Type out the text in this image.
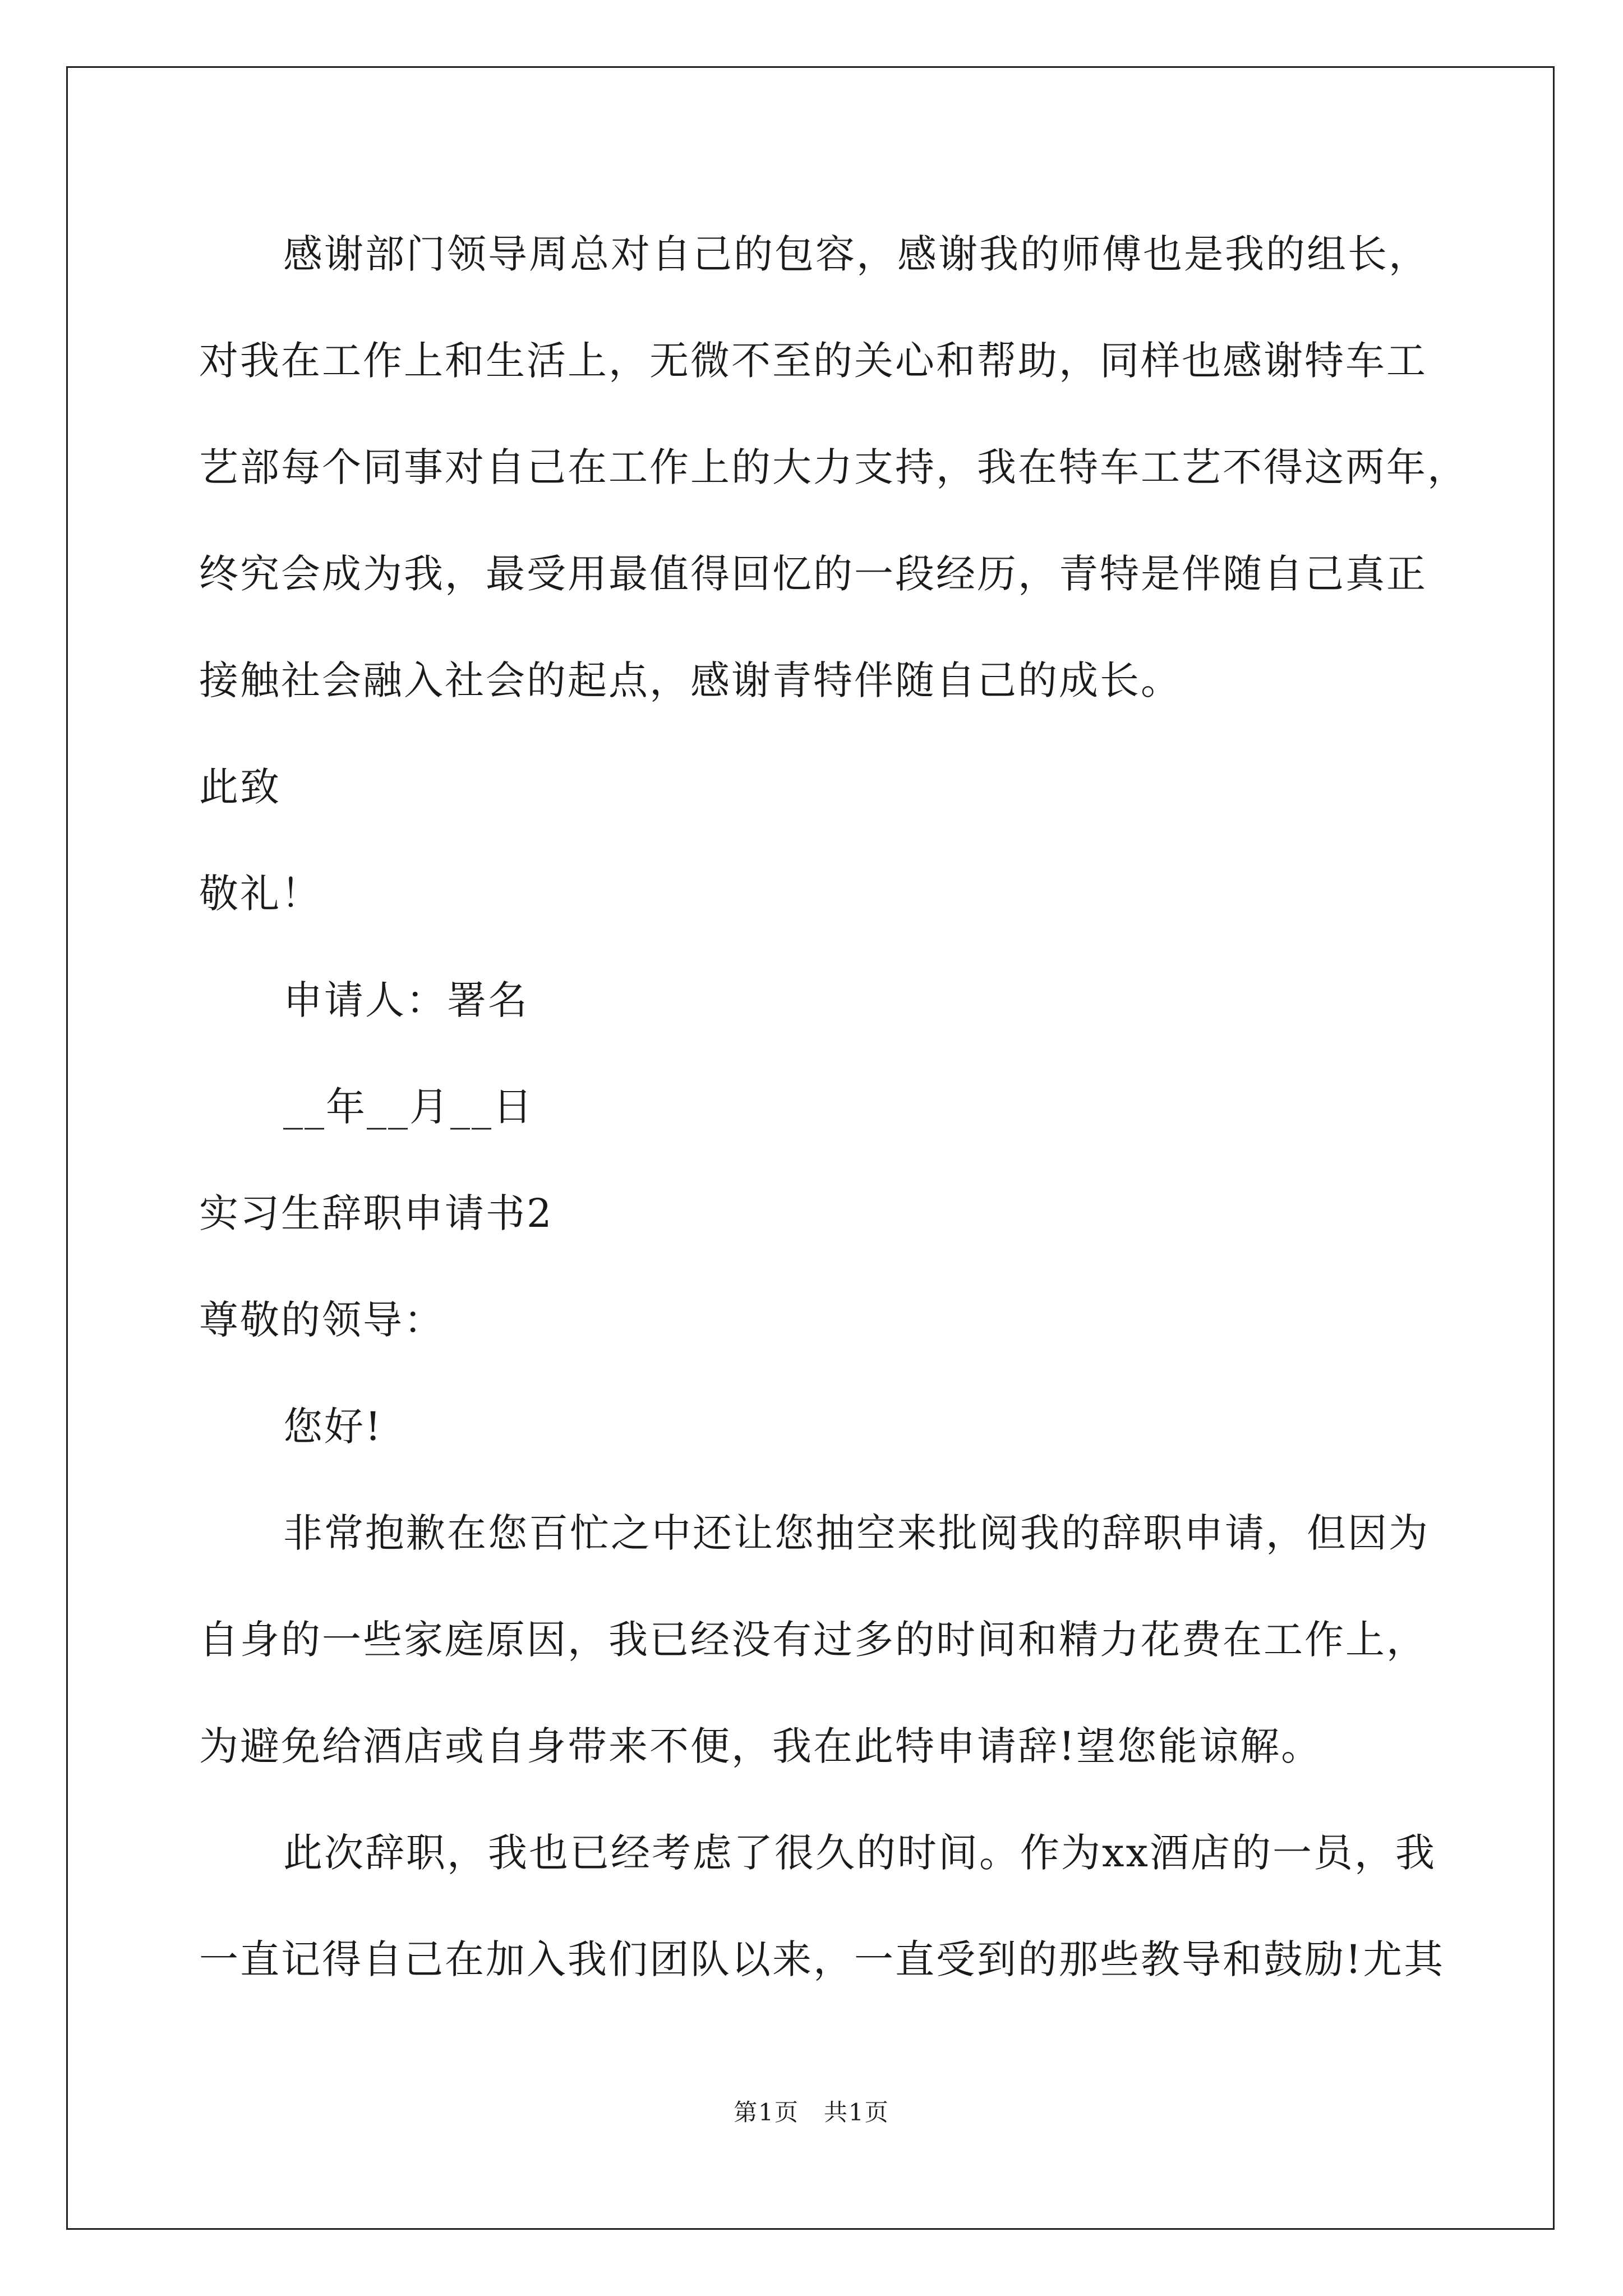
感谢部门领导周总对自己的包容，感谢我的师傅也是我的组长，
对我在工作上和生活上，无微不至的关心和帮助，同样也感谢特车工
艺部每个同事对自己在工作上的大力支持，我在特车工艺不得这两年，
终究会成为我，最受用最值得回忆的一段经历，青特是伴随自己真正
接触社会融入社会的起点，感谢青特伴随自己的成长。
此致
敬礼！
申请人：署名
__年__月__日
实习生辞职申请书2
尊敬的领导：
您好!
非常抱歉在您百忙之中还让您抽空来批阅我的辞职申请，但因为
自身的一些家庭原因，我已经没有过多的时间和精力花费在工作上，
为避免给酒店或自身带来不便，我在此特申请辞!望您能谅解。
此次辞职，我也已经考虑了很久的时间。作为xx酒店的一员，我
一直记得自己在加入我们团队以来，一直受到的那些教导和鼓励!尤其
第1页　共1页
